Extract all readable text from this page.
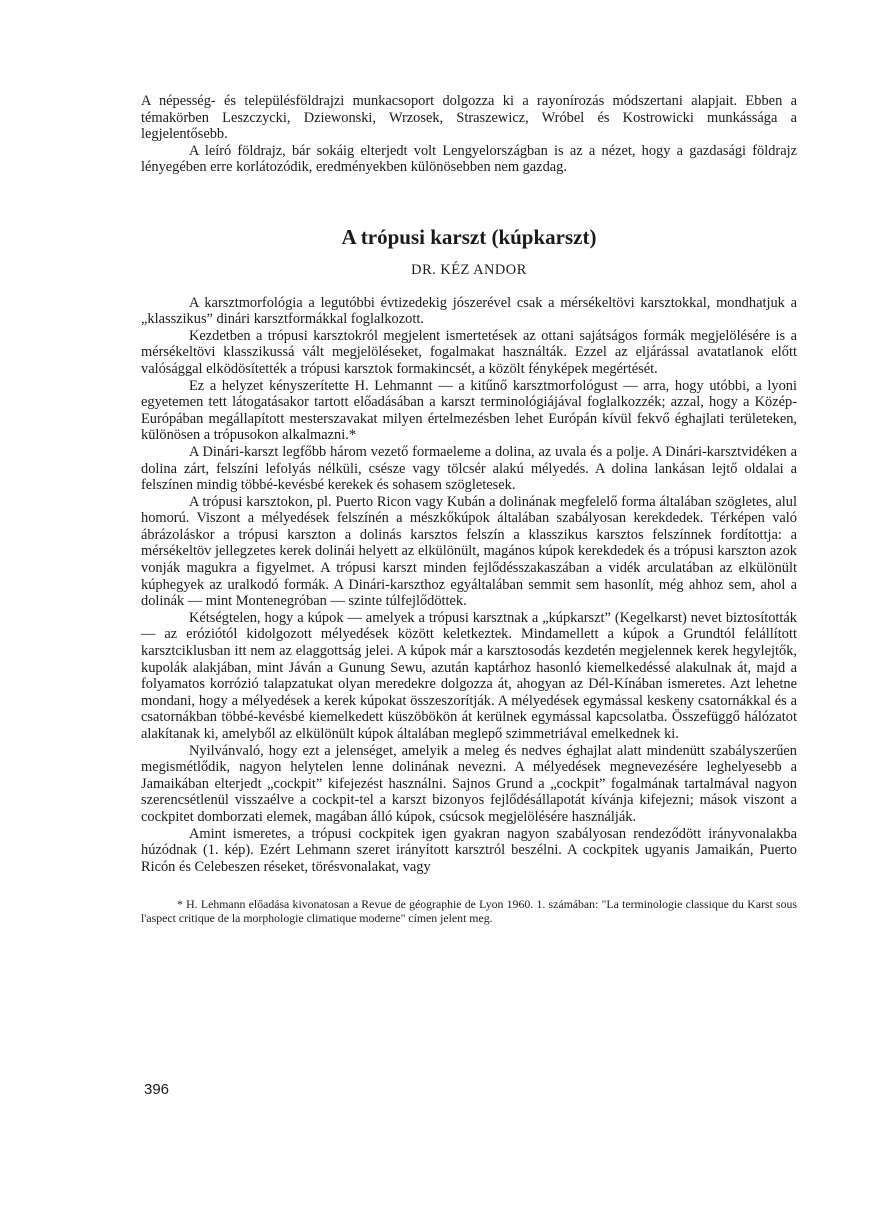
A népesség- és településföldrajzi munkacsoport dolgozza ki a rayonírozás módszertani alapjait. Ebben a témakörben Leszczycki, Dziewonski, Wrzosek, Straszewicz, Wróbel és Kostrowicki munkássága a legjelentősebb.

A leíró földrajz, bár sokáig elterjedt volt Lengyelországban is az a nézet, hogy a gazdasági földrajz lényegében erre korlátozódik, eredményekben különösebben nem gazdag.

A trópusi karszt (kúpkarszt)
DR. KÉZ ANDOR

A karsztmorfológia a legutóbbi évtizedekig jószerével csak a mérsékeltövi karsztokkal, mondhatjuk a „klasszikus” dinári karsztformákkal foglalkozott.

Kezdetben a trópusi karsztokról megjelent ismertetések az ottani sajátságos formák megjelölésére is a mérsékeltövi klasszikussá vált megjelöléseket, fogalmakat használták. Ezzel az eljárással avatatlanok előtt valósággal elködösítették a trópusi karsztok formakincsét, a közölt fényképek megértését.

Ez a helyzet kényszerítette H. Lehmannt — a kitűnő karsztmorfológust — arra, hogy utóbbi, a lyoni egyetemen tett látogatásakor tartott előadásában a karszt terminológiájával foglalkozzék; azzal, hogy a Közép-Európában megállapított mesterszavakat milyen értelmezésben lehet Európán kívül fekvő éghajlati területeken, különösen a trópusokon alkalmazni.*

A Dinári-karszt legfőbb három vezető formaeleme a dolina, az uvala és a polje. A Dinári-karsztvidéken a dolina zárt, felszíni lefolyás nélküli, csésze vagy tölcsér alakú mélyedés. A dolina lankásan lejtő oldalai a felszínen mindig többé-kevésbé kerekek és sohasem szögletesek.

A trópusi karsztokon, pl. Puerto Ricon vagy Kubán a dolinának megfelelő forma általában szögletes, alul homorú. Viszont a mélyedések felszínén a mészkőkúpok általában szabályosan kerekdedek. Térképen való ábrázoláskor a trópusi karszton a dolinás karsztos felszín a klasszikus karsztos felszínnek fordítottja: a mérsékeltöv jellegzetes kerek dolinái helyett az elkülönült, magános kúpok kerekdedek és a trópusi karszton azok vonják magukra a figyelmet. A trópusi karszt minden fejlődésszakaszában a vidék arculatában az elkülönült kúphegyek az uralkodó formák. A Dinári-karszthoz egyáltalában semmit sem hasonlít, még ahhoz sem, ahol a dolinák — mint Montenegróban — szinte túlfejlődöttek.

Kétségtelen, hogy a kúpok — amelyek a trópusi karsztnak a „kúpkarszt” (Kegelkarst) nevet biztosították — az eróziótól kidolgozott mélyedések között keletkeztek. Mindamellett a kúpok a Grundtól felállított karsztciklusban itt nem az elaggottság jelei. A kúpok már a karsztosodás kezdetén megjelennek kerek hegylejtők, kupolák alakjában, mint Jáván a Gunung Sewu, azután kaptárhoz hasonló kiemelkedéssé alakulnak át, majd a folyamatos korrózió talapzatukat olyan meredekre dolgozza át, ahogyan az Dél-Kínában ismeretes. Azt lehetne mondani, hogy a mélyedések a kerek kúpokat összeszorítják. A mélyedések egymással keskeny csatornákkal és a csatornákban többé-kevésbé kiemelkedett küszöbökön át kerülnek egymással kapcsolatba. Összefüggő hálózatot alakítanak ki, amelyből az elkülönült kúpok általában meglepő szimmetriával emelkednek ki.

Nyilvánvaló, hogy ezt a jelenséget, amelyik a meleg és nedves éghajlat alatt mindenütt szabályszerűen megismétlődik, nagyon helytelen lenne dolinának nevezni. A mélyedések megnevezésére leghelyesebb a Jamaikában elterjedt „cockpit” kifejezést használni. Sajnos Grund a „cockpit” fogalmának tartalmával nagyon szerencsétlenül visszaélve a cockpit-tel a karszt bizonyos fejlődésállapotát kívánja kifejezni; mások viszont a cockpitet domborzati elemek, magában álló kúpok, csúcsok megjelölésére használják.

Amint ismeretes, a trópusi cockpitek igen gyakran nagyon szabályosan rendeződött irányvonalakba húzódnak (1. kép). Ezért Lehmann szeret irányított karsztról beszélni. A cockpitek ugyanis Jamaikán, Puerto Ricón és Celebeszen réseket, törésvonalakat, vagy

* H. Lehmann előadása kivonatosan a Revue de géographie de Lyon 1960. 1. számában: "La terminologie classique du Karst sous l'aspect critique de la morphologie climatique moderne" címen jelent meg.

396
